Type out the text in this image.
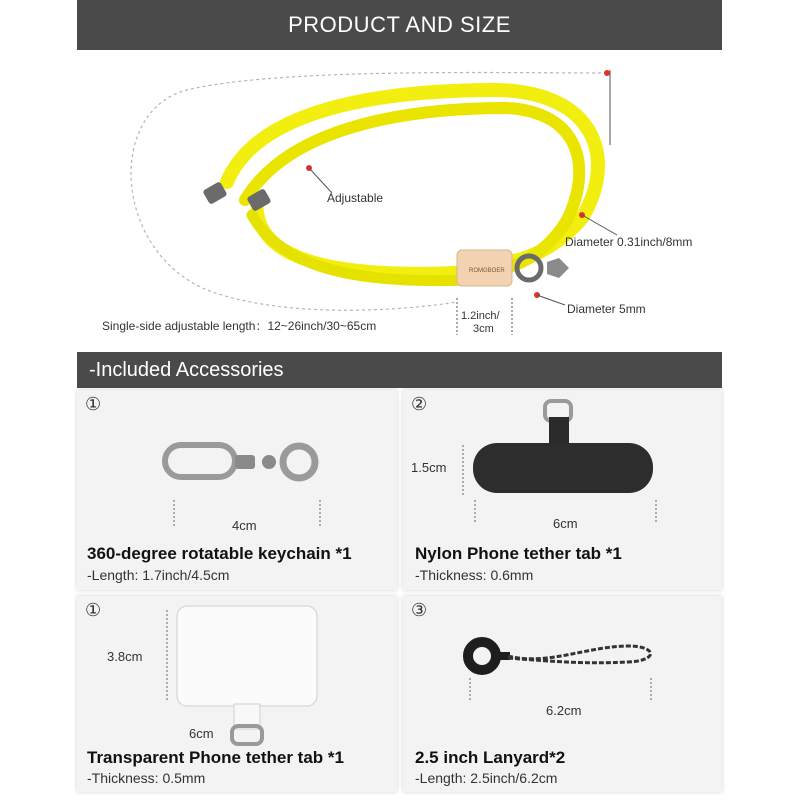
PRODUCT AND SIZE
ROMGBOER
Adjustable
Diameter 0.31inch/8mm
Diameter 5mm
Single-side adjustable length：12~26inch/30~65cm
1.2inch/
3cm
-Included Accessories
①
4cm
360-degree rotatable keychain *1
-Length: 1.7inch/4.5cm
②
1.5cm
6cm
Nylon Phone tether tab *1
-Thickness: 0.6mm
①
3.8cm
6cm
Transparent Phone tether tab *1
-Thickness: 0.5mm
③
6.2cm
2.5 inch Lanyard*2
-Length: 2.5inch/6.2cm
